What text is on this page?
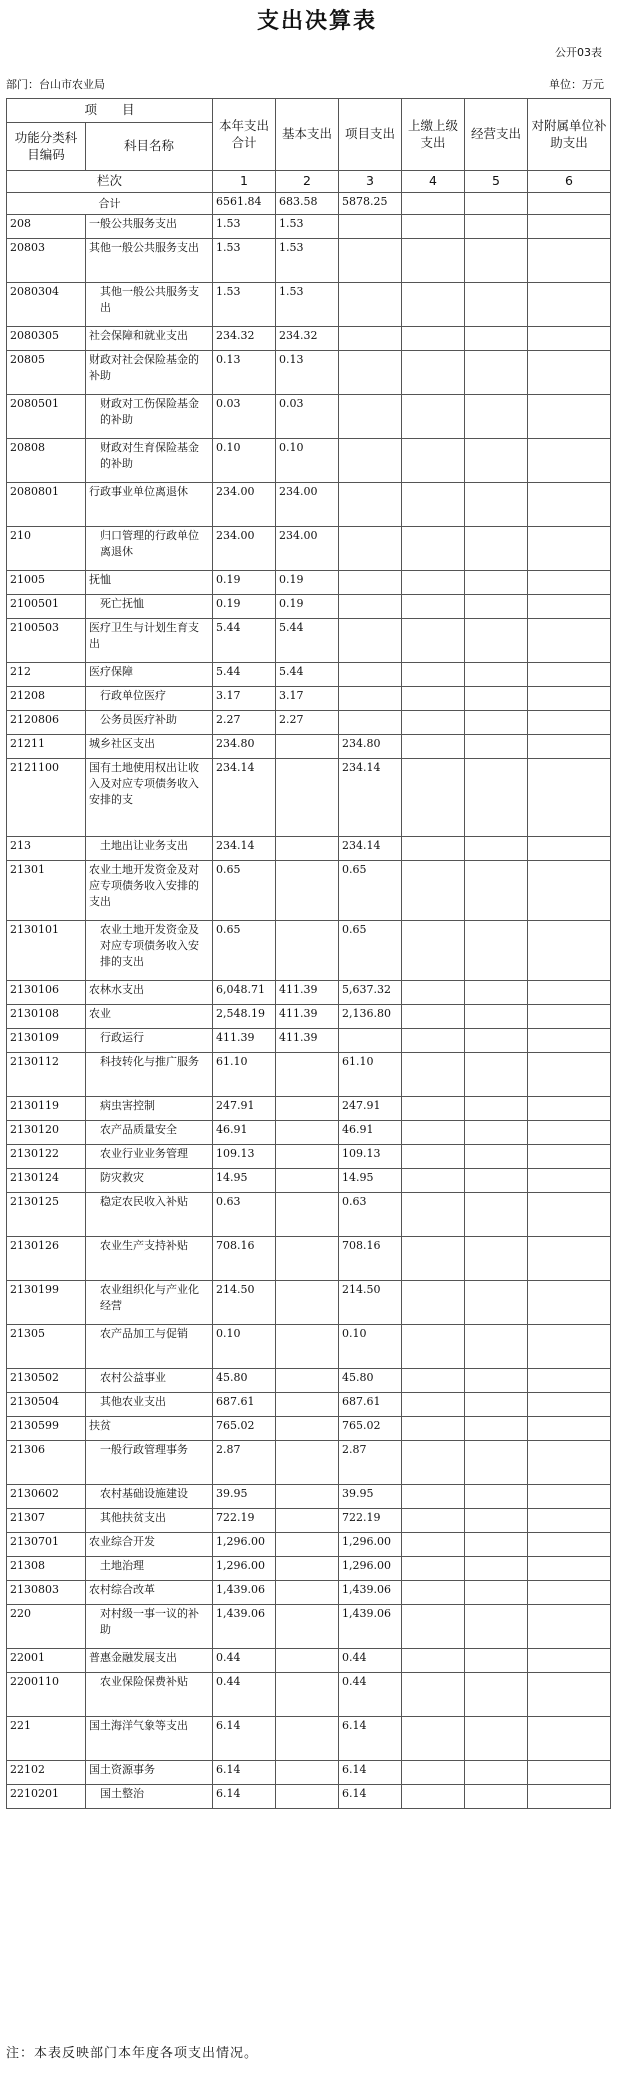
支出决算表
公开03表
部门：台山市农业局	单位：万元
项　　目		本年支出合计	基本支出	项目支出	上缴上级支出	经营支出	对附属单位补助支出
功能分类科目编码	科目名称						
栏次		1	2	3	4	5	6
合计		6561.84	683.58	5878.25			
208	一般公共服务支出	1.53	1.53				
20803	其他一般公共服务支出	1.53	1.53				
2080304	其他一般公共服务支出	1.53	1.53				
2080305	社会保障和就业支出	234.32	234.32				
20805	财政对社会保险基金的补助	0.13	0.13				
2080501	财政对工伤保险基金的补助	0.03	0.03				
20808	财政对生育保险基金的补助	0.10	0.10				
2080801	行政事业单位离退休	234.00	234.00				
210	归口管理的行政单位离退休	234.00	234.00				
21005	抚恤	0.19	0.19				
2100501	死亡抚恤	0.19	0.19				
2100503	医疗卫生与计划生育支出	5.44	5.44				
212	医疗保障	5.44	5.44				
21208	行政单位医疗	3.17	3.17				
2120806	公务员医疗补助	2.27	2.27				
21211	城乡社区支出	234.80		234.80			
2121100	国有土地使用权出让收入及对应专项债务收入安排的支	234.14		234.14			
213	土地出让业务支出	234.14		234.14			
21301	农业土地开发资金及对应专项债务收入安排的支出	0.65		0.65			
2130101	农业土地开发资金及对应专项债务收入安排的支出	0.65		0.65			
2130106	农林水支出	6,048.71	411.39	5,637.32			
2130108	农业	2,548.19	411.39	2,136.80			
2130109	行政运行	411.39	411.39				
2130112	科技转化与推广服务	61.10		61.10			
2130119	病虫害控制	247.91		247.91			
2130120	农产品质量安全	46.91		46.91			
2130122	农业行业业务管理	109.13		109.13			
2130124	防灾救灾	14.95		14.95			
2130125	稳定农民收入补贴	0.63		0.63			
2130126	农业生产支持补贴	708.16		708.16			
2130199	农业组织化与产业化经营	214.50		214.50			
21305	农产品加工与促销	0.10		0.10			
2130502	农村公益事业	45.80		45.80			
2130504	其他农业支出	687.61		687.61			
2130599	扶贫	765.02		765.02			
21306	一般行政管理事务	2.87		2.87			
2130602	农村基础设施建设	39.95		39.95			
21307	其他扶贫支出	722.19		722.19			
2130701	农业综合开发	1,296.00		1,296.00			
21308	土地治理	1,296.00		1,296.00			
2130803	农村综合改革	1,439.06		1,439.06			
220	对村级一事一议的补助	1,439.06		1,439.06			
22001	普惠金融发展支出	0.44		0.44			
2200110	农业保险保费补贴	0.44		0.44			
221	国土海洋气象等支出	6.14		6.14			
22102	国土资源事务	6.14		6.14			
2210201	国土整治	6.14		6.14			
注：本表反映部门本年度各项支出情况。
